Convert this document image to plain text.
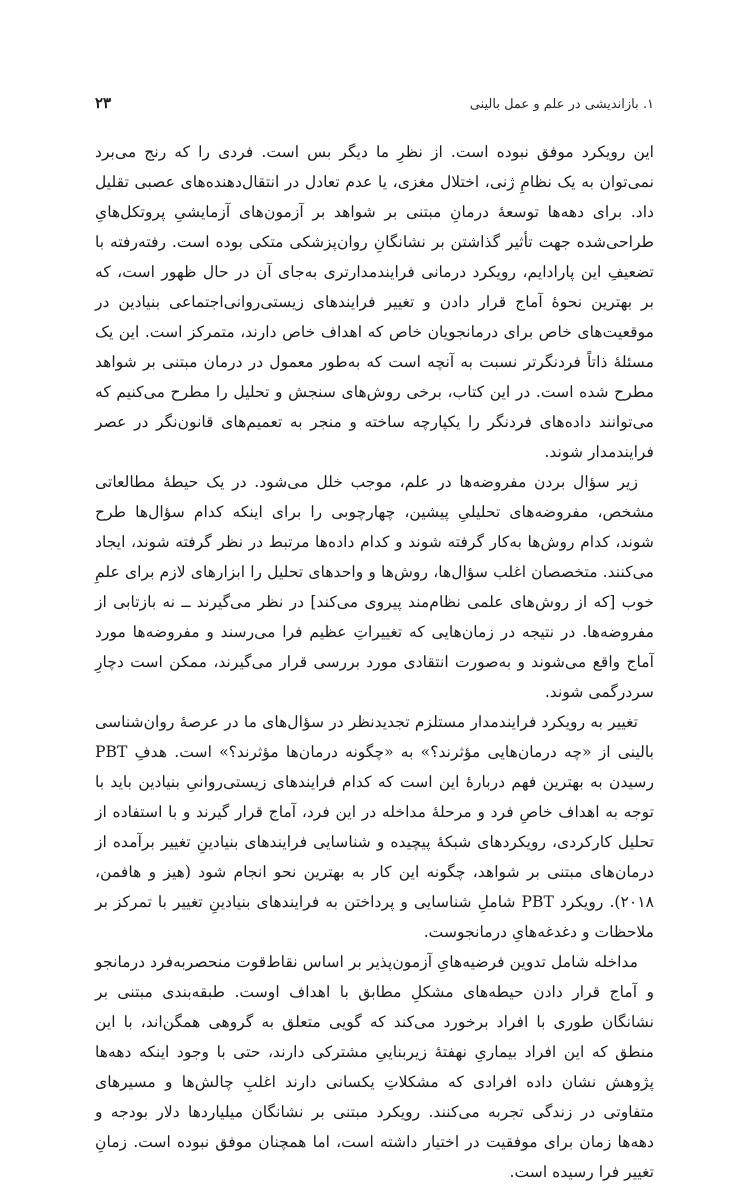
۱. بازاندیشی در علم و عمل بالینی
۲۳

این رویکرد موفق نبوده است. از نظرِ ما دیگر بس است. فردی را که رنج می‌برد نمی‌توان به یک نظامِ ژنی، اختلال مغزی، یا عدم تعادل در انتقال‌دهنده‌های عصبی تقلیل داد. برای دهه‌ها توسعهٔ درمانِ مبتنی بر شواهد بر آزمون‌های آزمایشیِ پروتکل‌هایِ طراحی‌شده جهت تأثیر گذاشتن بر نشانگانِ روان‌پزشکی متکی بوده است. رفته‌رفته با تضعیفِ این پارادایم، رویکرد درمانی فرایندمدارتری به‌جای آن در حال ظهور است، که بر بهترین نحوهٔ آماج قرار دادن و تغییر فرایندهای زیستی‌روانی‌اجتماعی بنیادین در موقعیت‌های خاص برای درمانجویان خاص که اهداف خاص دارند، متمرکز است. این یک مسئلهٔ ذاتاً فردنگرتر نسبت به آنچه است که به‌طور معمول در درمان مبتنی بر شواهد مطرح شده است. در این کتاب، برخی روش‌های سنجش و تحلیل را مطرح می‌کنیم که می‌توانند داده‌های فردنگر را یکپارچه ساخته و منجر به تعمیم‌های قانون‌نگر در عصر فرایندمدار شوند.

زیر سؤال بردن مفروضه‌ها در علم، موجب خلل می‌شود. در یک حیطهٔ مطالعاتی مشخص، مفروضه‌های تحلیلیِ پیشین، چهارچوبی را برای اینکه کدام سؤال‌ها طرح شوند، کدام روش‌ها به‌کار گرفته شوند و کدام داده‌ها مرتبط در نظر گرفته شوند، ایجاد می‌کنند. متخصصان اغلب سؤال‌ها، روش‌ها و واحدهای تحلیل را ابزارهای لازم برای علمِ خوب [که از روش‌های علمی نظام‌مند پیروی می‌کند] در نظر می‌گیرند ــ نه بازتابی از مفروضه‌ها. در نتیجه در زمان‌هایی که تغییراتِ عظیم فرا می‌رسند و مفروضه‌ها مورد آماج واقع می‌شوند و به‌صورت انتقادی مورد بررسی قرار می‌گیرند، ممکن است دچارِ سردرگمی شوند.

تغییر به رویکرد فرایندمدار مستلزم تجدیدنظر در سؤال‌های ما در عرصهٔ روان‌شناسی بالینی از «چه درمان‌هایی مؤثرند؟» به «چگونه درمان‌ها مؤثرند؟» است. هدفِ PBT رسیدن به بهترین فهم دربارهٔ این است که کدام فرایندهای زیستی‌روانیِ بنیادین باید با توجه به اهداف خاصِ فرد و مرحلهٔ مداخله در این فرد، آماج قرار گیرند و با استفاده از تحلیل کارکردی، رویکردهای شبکهٔ پیچیده و شناسایی فرایندهای بنیادینِ تغییر برآمده از درمان‌های مبتنی بر شواهد، چگونه این کار به بهترین نحو انجام شود (هیز و هافمن، ۲۰۱۸). رویکرد PBT شاملِ شناسایی و پرداختن به فرایندهای بنیادینِ تغییر با تمرکز بر ملاحظات و دغدغه‌هایِ درمانجوست.

مداخله شامل تدوین فرضیه‌هایِ آزمون‌پذیر بر اساس نقاط‌قوت منحصربه‌فرد درمانجو و آماج قرار دادن حیطه‌های مشکلِ مطابق با اهداف اوست. طبقه‌بندی مبتنی بر نشانگان طوری با افراد برخورد می‌کند که گویی متعلق به گروهی همگن‌اند، با این منطق که این افراد بیماریِ نهفتهٔ زیربناییِ مشترکی دارند، حتی با وجود اینکه دهه‌ها پژوهش نشان داده افرادی که مشکلاتِ یکسانی دارند اغلبِ چالش‌ها و مسیرهای متفاوتی در زندگی تجربه می‌کنند. رویکرد مبتنی بر نشانگان میلیاردها دلار بودجه و دهه‌ها زمان برای موفقیت در اختیار داشته است، اما همچنان موفق نبوده است. زمانِ تغییر فرا رسیده است.
